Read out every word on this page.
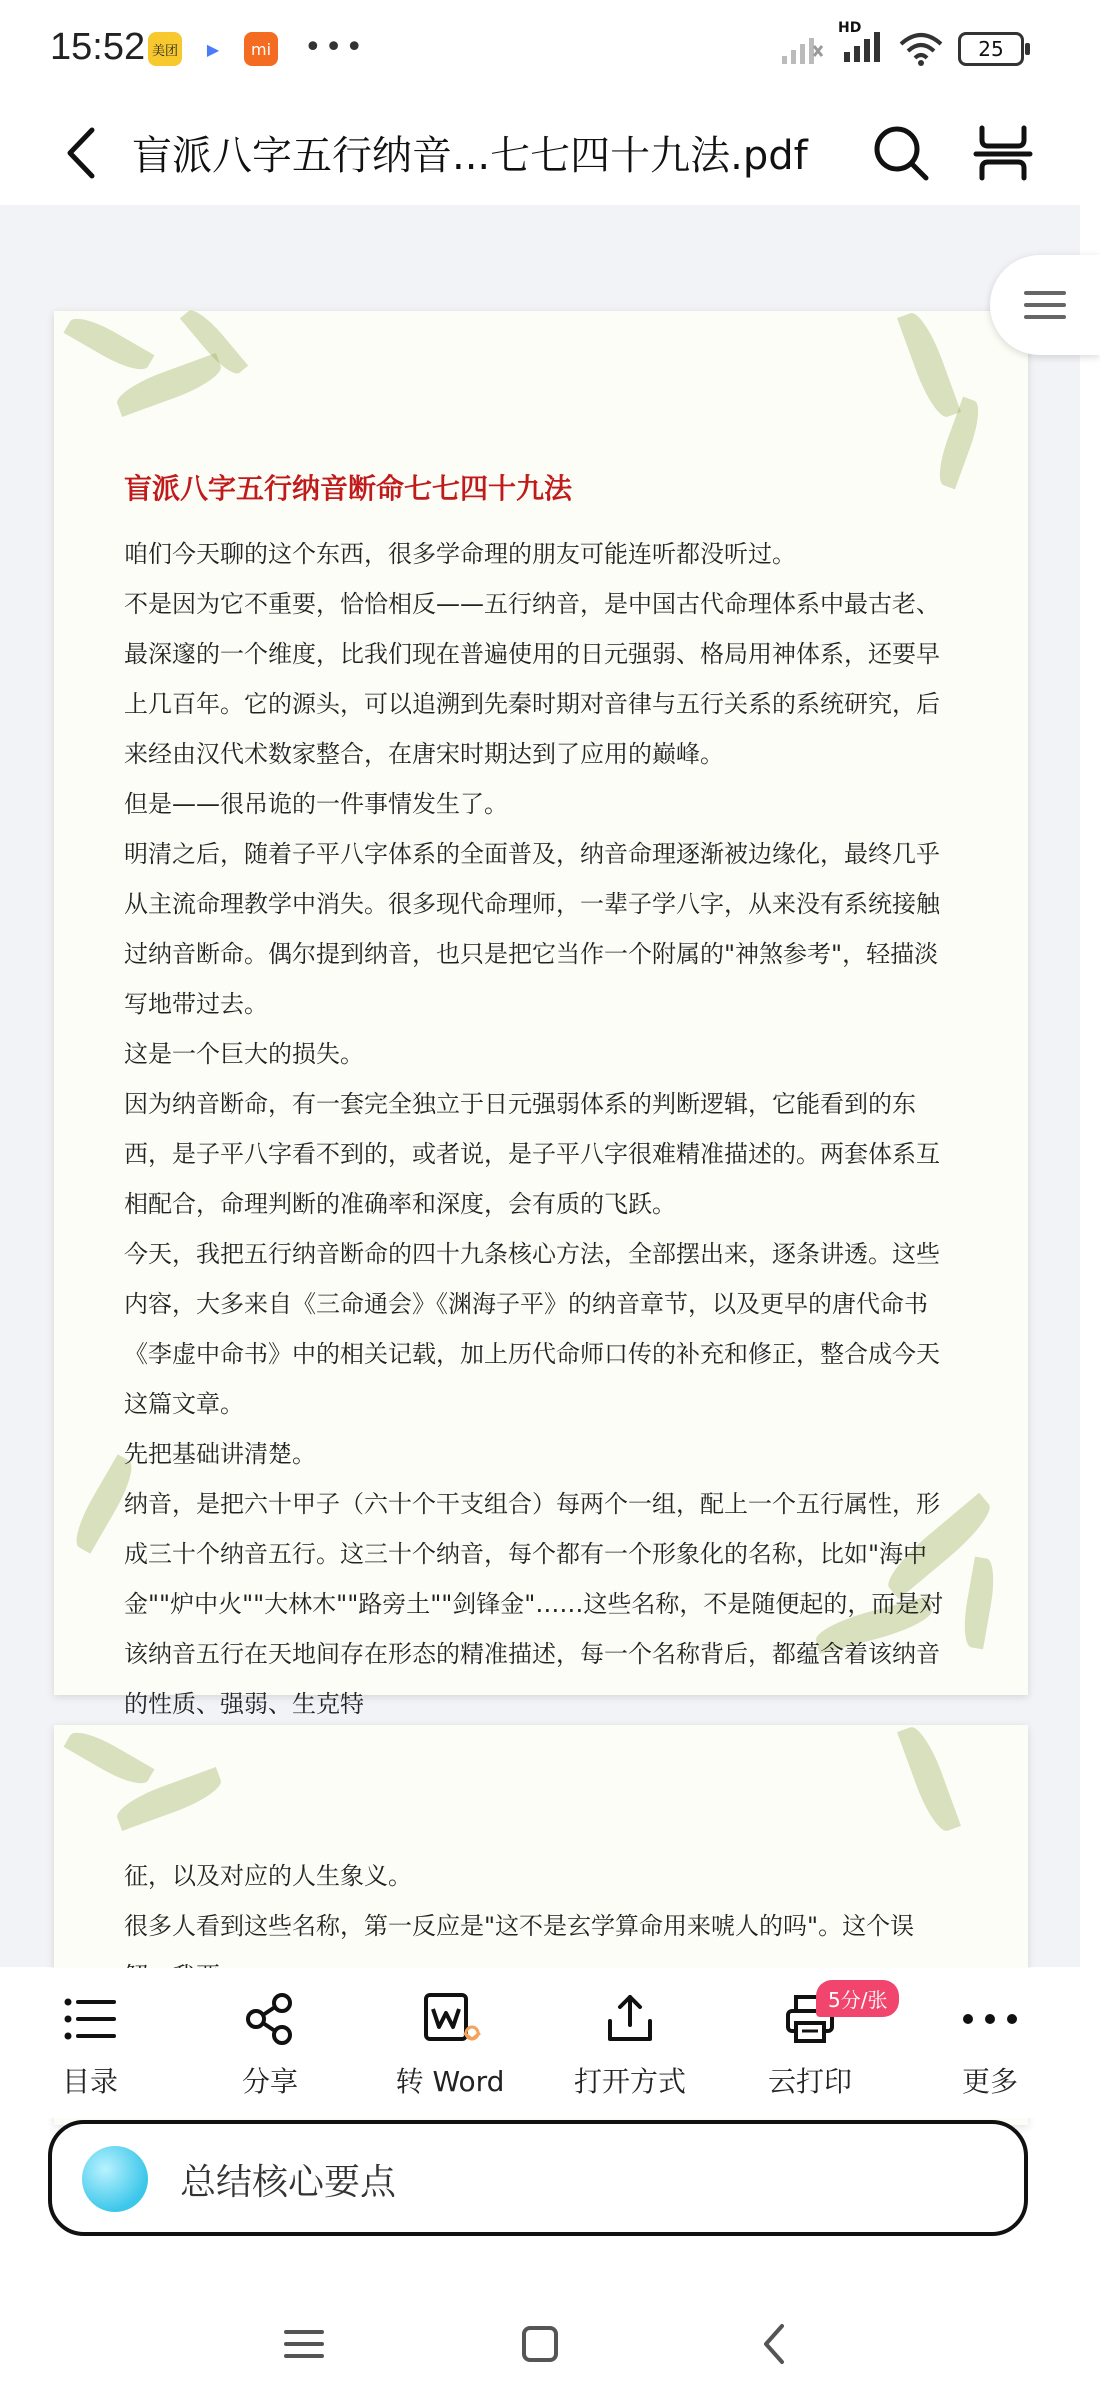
15:52 美团 ▶ mi •••
HD
25
盲派八字五行纳音...七七四十九法.pdf
盲派八字五行纳音断命七七四十九法

咱们今天聊的这个东西，很多学命理的朋友可能连听都没听过。

不是因为它不重要，恰恰相反——五行纳音，是中国古代命理体系中最古老、最深邃的一个维度，比我们现在普遍使用的日元强弱、格局用神体系，还要早上几百年。它的源头，可以追溯到先秦时期对音律与五行关系的系统研究，后来经由汉代术数家整合，在唐宋时期达到了应用的巅峰。

但是——很吊诡的一件事情发生了。

明清之后，随着子平八字体系的全面普及，纳音命理逐渐被边缘化，最终几乎从主流命理教学中消失。很多现代命理师，一辈子学八字，从来没有系统接触过纳音断命。偶尔提到纳音，也只是把它当作一个附属的"神煞参考"，轻描淡写地带过去。

这是一个巨大的损失。

因为纳音断命，有一套完全独立于日元强弱体系的判断逻辑，它能看到的东西，是子平八字看不到的，或者说，是子平八字很难精准描述的。两套体系互相配合，命理判断的准确率和深度，会有质的飞跃。

今天，我把五行纳音断命的四十九条核心方法，全部摆出来，逐条讲透。这些内容，大多来自《三命通会》《渊海子平》的纳音章节，以及更早的唐代命书《李虚中命书》中的相关记载，加上历代命师口传的补充和修正，整合成今天这篇文章。

先把基础讲清楚。

纳音，是把六十甲子（六十个干支组合）每两个一组，配上一个五行属性，形成三十个纳音五行。这三十个纳音，每个都有一个形象化的名称，比如"海中金""炉中火""大林木""路旁土""剑锋金"……这些名称，不是随便起的，而是对该纳音五行在天地间存在形态的精准描述，每一个名称背后，都蕴含着该纳音的性质、强弱、生克特

征，以及对应的人生象义。

很多人看到这些名称，第一反应是"这不是玄学算命用来唬人的吗"。这个误

目录	分享	转 Word	打开方式
5分/张
云打印	更多
总结核心要点
